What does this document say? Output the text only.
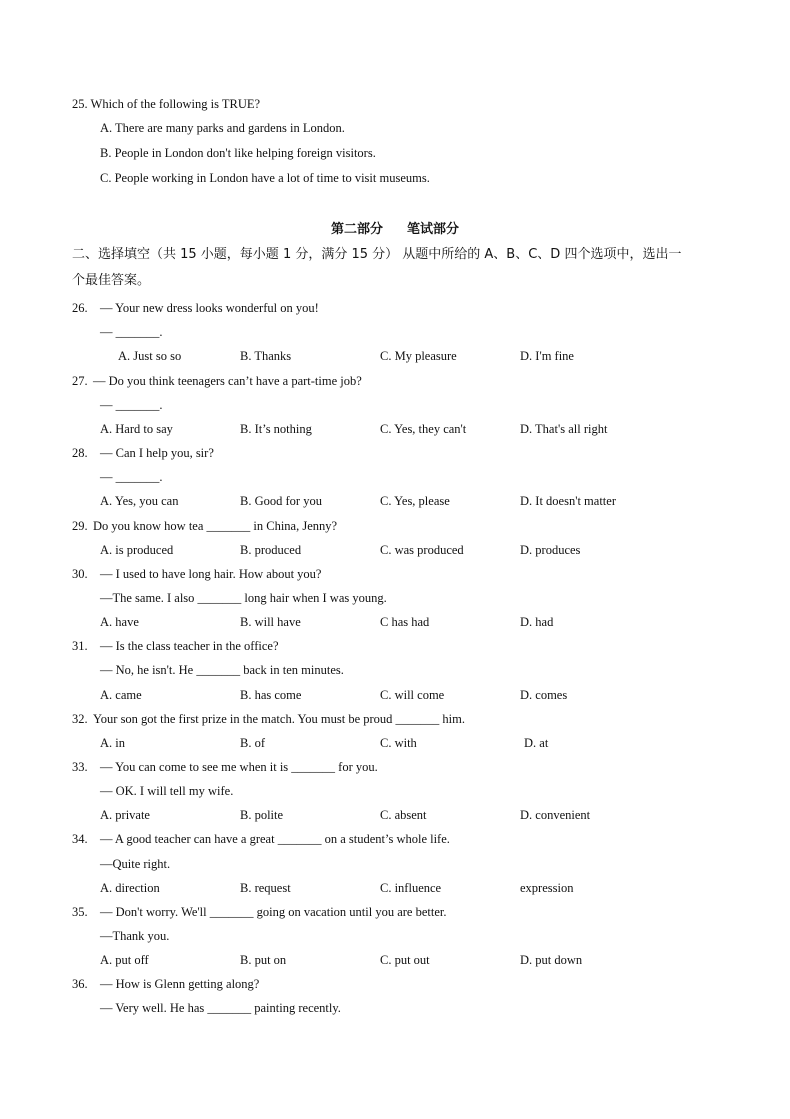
25. Which of the following is TRUE?
A. There are many parks and gardens in London.
B. People in London don't like helping foreign visitors.
C. People working in London have a lot of time to visit museums.
第二部分 笔试部分
二、选择填空（共 15 小题，每小题 1 分，满分 15 分） 从题中所给的 A、B、C、D 四个选项中，选出一
个最佳答案。
26. — Your new dress looks wonderful on you!
— _______.
A. Just so so	B. Thanks	C. My pleasure	D. I'm fine
27. — Do you think teenagers can’t have a part-time job?
— _______.
A. Hard to say	B. It’s nothing	C. Yes, they can't	D. That's all right
28. — Can I help you, sir?
— _______.
A. Yes, you can	B. Good for you	C. Yes, please	D. It doesn't matter
29. Do you know how tea _______ in China, Jenny?
A. is produced	B. produced	C. was produced	D. produces
30. — I used to have long hair. How about you?
—The same. I also _______ long hair when I was young.
A. have	B. will have	C has had	D. had
31. — Is the class teacher in the office?
— No, he isn't. He _______ back in ten minutes.
A. came	B. has come	C. will come	D. comes
32. Your son got the first prize in the match. You must be proud _______ him.
A. in	B. of	C. with	D. at
33. — You can come to see me when it is _______ for you.
— OK. I will tell my wife.
A. private	B. polite	C. absent	D. convenient
34. — A good teacher can have a great _______ on a student’s whole life.
—Quite right.
A. direction	B. request	C. influence	expression
35. — Don't worry. We'll _______ going on vacation until you are better.
—Thank you.
A. put off	B. put on	C. put out	D. put down
36. — How is Glenn getting along?
— Very well. He has _______ painting recently.
